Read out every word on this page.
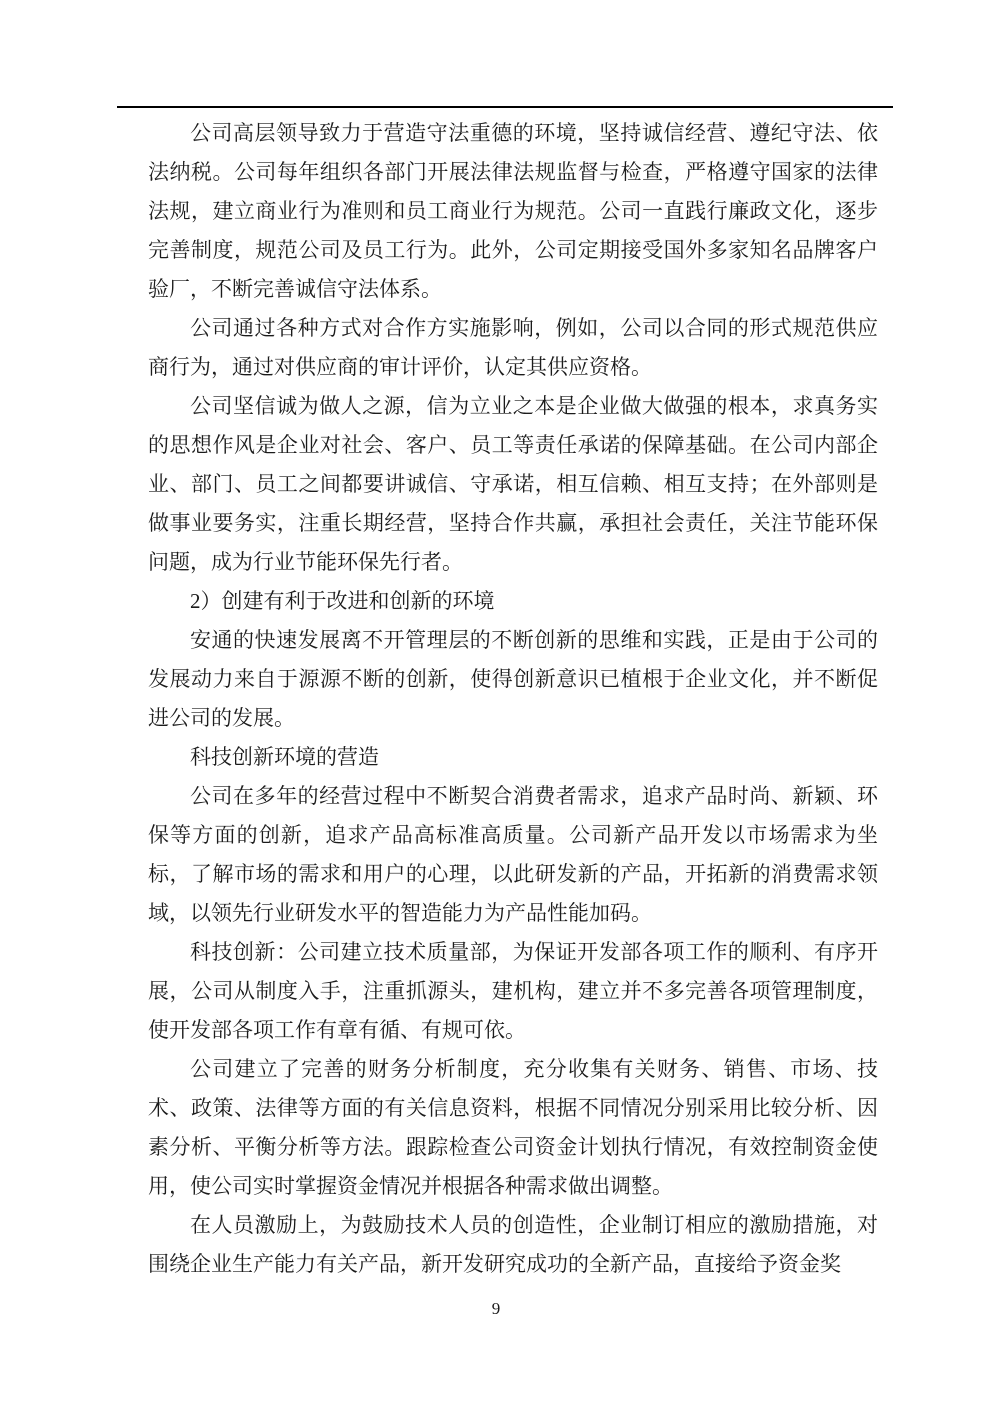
公司高层领导致力于营造守法重德的环境，坚持诚信经营、遵纪守法、依法纳税。公司每年组织各部门开展法律法规监督与检查，严格遵守国家的法律法规，建立商业行为准则和员工商业行为规范。公司一直践行廉政文化，逐步完善制度，规范公司及员工行为。此外，公司定期接受国外多家知名品牌客户验厂，不断完善诚信守法体系。

公司通过各种方式对合作方实施影响，例如，公司以合同的形式规范供应商行为，通过对供应商的审计评价，认定其供应资格。

公司坚信诚为做人之源，信为立业之本是企业做大做强的根本，求真务实的思想作风是企业对社会、客户、员工等责任承诺的保障基础。在公司内部企业、部门、员工之间都要讲诚信、守承诺，相互信赖、相互支持；在外部则是做事业要务实，注重长期经营，坚持合作共赢，承担社会责任，关注节能环保问题，成为行业节能环保先行者。

2）创建有利于改进和创新的环境

安通的快速发展离不开管理层的不断创新的思维和实践，正是由于公司的发展动力来自于源源不断的创新，使得创新意识已植根于企业文化，并不断促进公司的发展。

科技创新环境的营造

公司在多年的经营过程中不断契合消费者需求，追求产品时尚、新颖、环保等方面的创新，追求产品高标准高质量。公司新产品开发以市场需求为坐标，了解市场的需求和用户的心理，以此研发新的产品，开拓新的消费需求领域，以领先行业研发水平的智造能力为产品性能加码。

科技创新：公司建立技术质量部，为保证开发部各项工作的顺利、有序开展，公司从制度入手，注重抓源头，建机构，建立并不多完善各项管理制度，使开发部各项工作有章有循、有规可依。

公司建立了完善的财务分析制度，充分收集有关财务、销售、市场、技术、政策、法律等方面的有关信息资料，根据不同情况分别采用比较分析、因素分析、平衡分析等方法。跟踪检查公司资金计划执行情况，有效控制资金使用，使公司实时掌握资金情况并根据各种需求做出调整。

在人员激励上，为鼓励技术人员的创造性，企业制订相应的激励措施，对围绕企业生产能力有关产品，新开发研究成功的全新产品，直接给予资金奖

9
